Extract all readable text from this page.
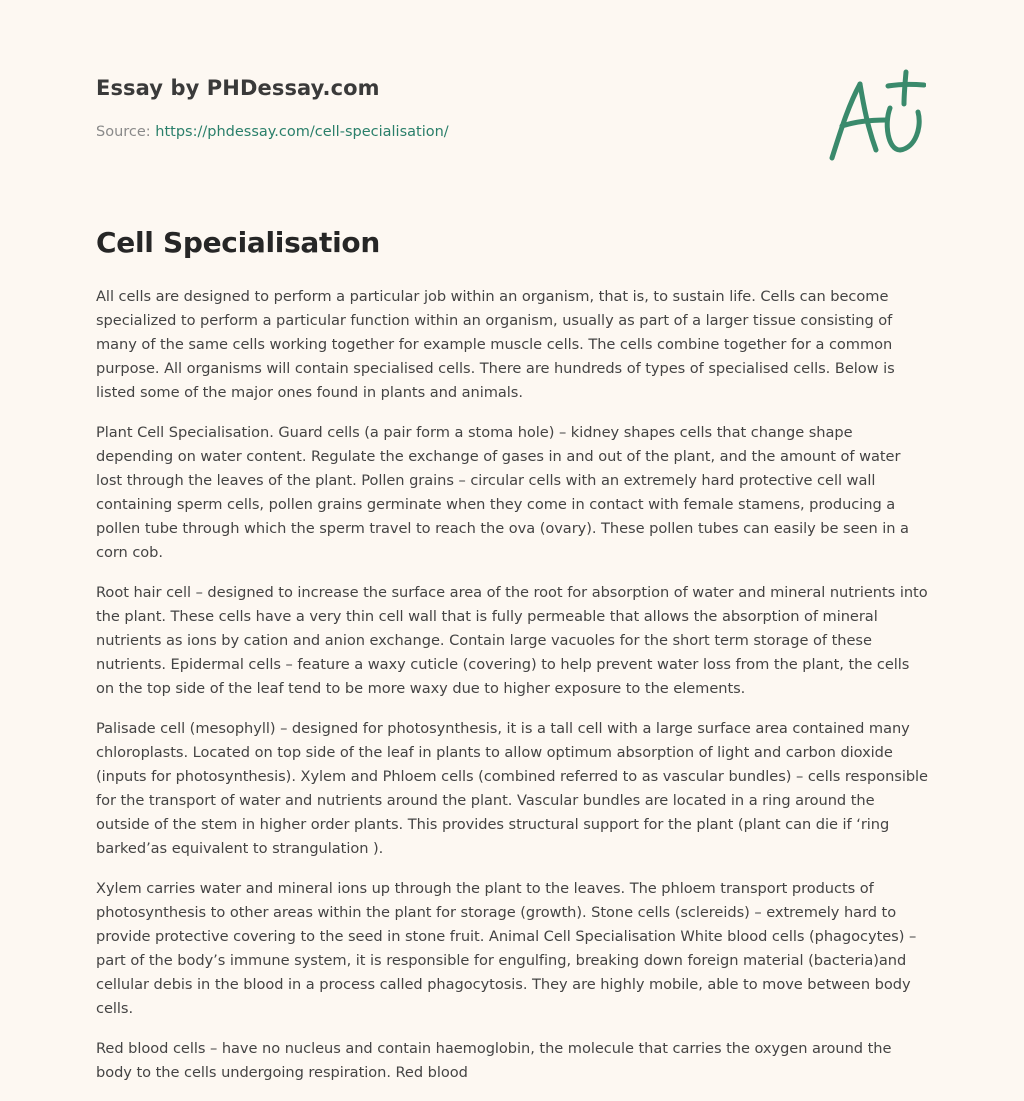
Essay by PHDessay.com
Source: https://phdessay.com/cell-specialisation/
Cell Specialisation

All cells are designed to perform a particular job within an organism, that is, to sustain life. Cells can become specialized to perform a particular function within an organism, usually as part of a larger tissue consisting of many of the same cells working together for example muscle cells. The cells combine together for a common purpose. All organisms will contain specialised cells. There are hundreds of types of specialised cells. Below is listed some of the major ones found in plants and animals.

Plant Cell Specialisation. Guard cells (a pair form a stoma hole) – kidney shapes cells that change shape depending on water content. Regulate the exchange of gases in and out of the plant, and the amount of water lost through the leaves of the plant. Pollen grains – circular cells with an extremely hard protective cell wall containing sperm cells, pollen grains germinate when they come in contact with female stamens, producing a pollen tube through which the sperm travel to reach the ova (ovary). These pollen tubes can easily be seen in a corn cob.

Root hair cell – designed to increase the surface area of the root for absorption of water and mineral nutrients into the plant. These cells have a very thin cell wall that is fully permeable that allows the absorption of mineral nutrients as ions by cation and anion exchange. Contain large vacuoles for the short term storage of these nutrients. Epidermal cells – feature a waxy cuticle (covering) to help prevent water loss from the plant, the cells on the top side of the leaf tend to be more waxy due to higher exposure to the elements.

Palisade cell (mesophyll) – designed for photosynthesis, it is a tall cell with a large surface area contained many chloroplasts. Located on top side of the leaf in plants to allow optimum absorption of light and carbon dioxide (inputs for photosynthesis). Xylem and Phloem cells (combined referred to as vascular bundles) – cells responsible for the transport of water and nutrients around the plant. Vascular bundles are located in a ring around the outside of the stem in higher order plants. This provides structural support for the plant (plant can die if ‘ring barked’as equivalent to strangulation ).

Xylem carries water and mineral ions up through the plant to the leaves. The phloem transport products of photosynthesis to other areas within the plant for storage (growth). Stone cells (sclereids) – extremely hard to provide protective covering to the seed in stone fruit. Animal Cell Specialisation White blood cells (phagocytes) – part of the body’s immune system, it is responsible for engulfing, breaking down foreign material (bacteria)and cellular debis in the blood in a process called phagocytosis. They are highly mobile, able to move between body cells.

Red blood cells – have no nucleus and contain haemoglobin, the molecule that carries the oxygen around the body to the cells undergoing respiration. Red blood
